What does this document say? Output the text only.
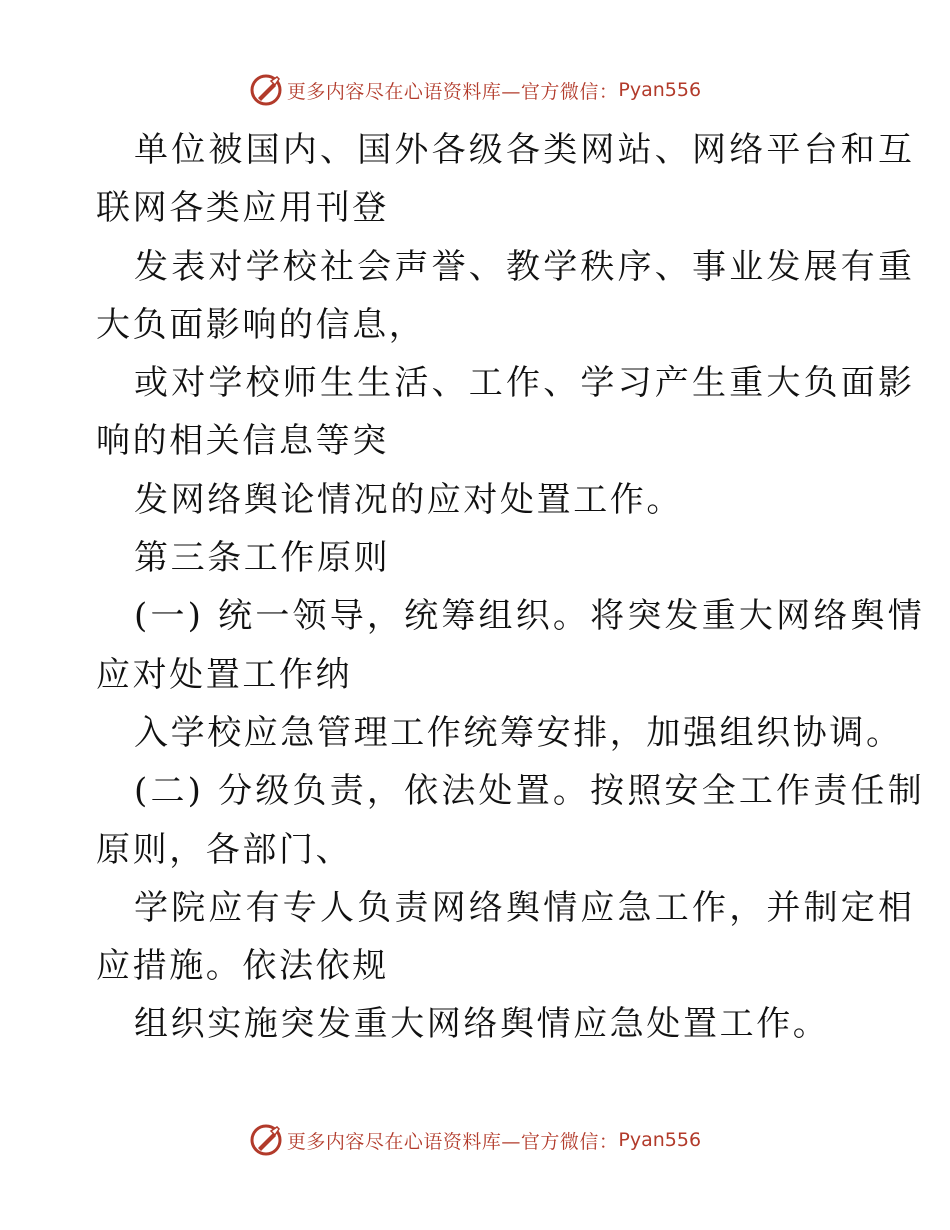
更多内容尽在心语资料库—官方微信： Pyan556
单位被国内、国外各级各类网站、网络平台和互
联网各类应用刊登
发表对学校社会声誉、教学秩序、事业发展有重
大负面影响的信息，
或对学校师生生活、工作、学习产生重大负面影
响的相关信息等突
发网络舆论情况的应对处置工作。
第三条工作原则
(一) 统一领导，统筹组织。将突发重大网络舆情
应对处置工作纳
入学校应急管理工作统筹安排，加强组织协调。
(二) 分级负责，依法处置。按照安全工作责任制
原则，各部门、
学院应有专人负责网络舆情应急工作，并制定相
应措施。依法依规
组织实施突发重大网络舆情应急处置工作。
更多内容尽在心语资料库—官方微信： Pyan556
